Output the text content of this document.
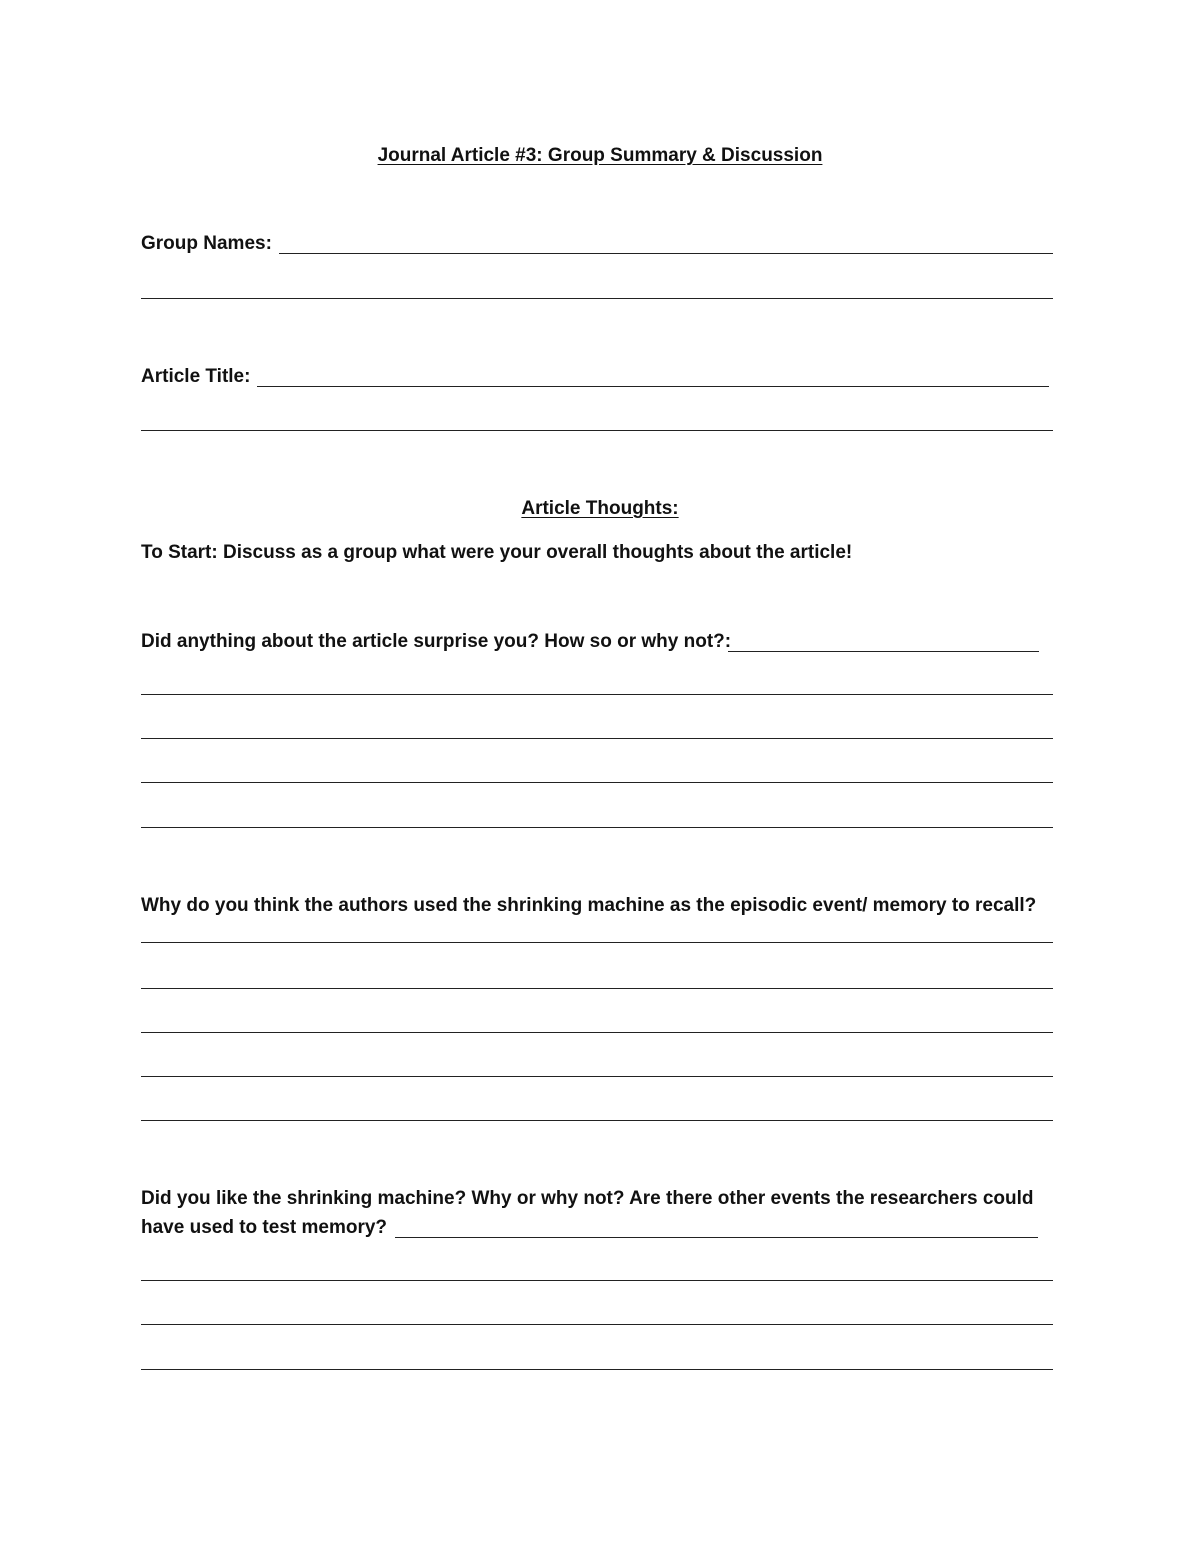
Journal Article #3: Group Summary & Discussion
Group Names:
Article Title:
Article Thoughts:
To Start: Discuss as a group what were your overall thoughts about the article!
Did anything about the article surprise you? How so or why not?:
Why do you think the authors used the shrinking machine as the episodic event/ memory to recall?
Did you like the shrinking machine? Why or why not? Are there other events the researchers could
have used to test memory?
